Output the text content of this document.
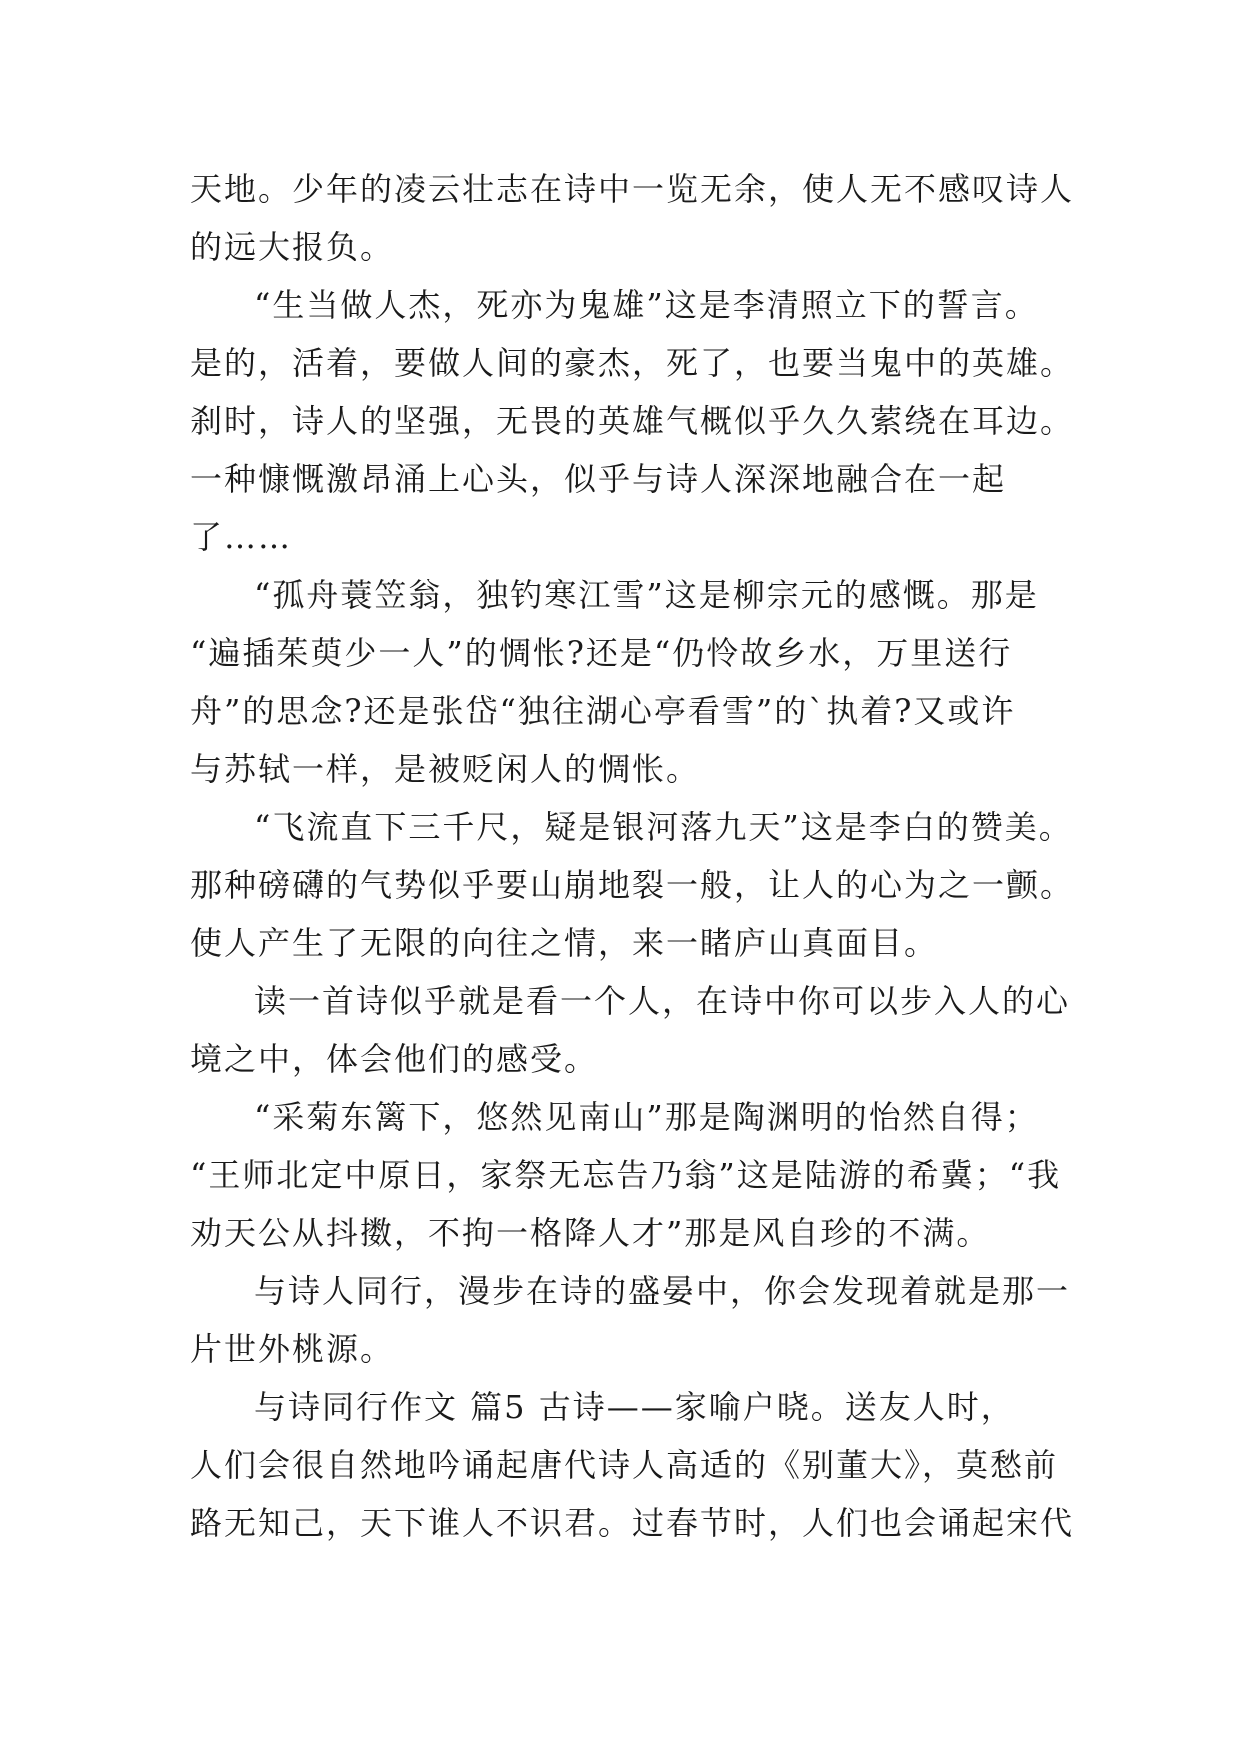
天地。少年的凌云壮志在诗中一览无余，使人无不感叹诗人
的远大报负。
“生当做人杰，死亦为鬼雄”这是李清照立下的誓言。
是的，活着，要做人间的豪杰，死了，也要当鬼中的英雄。
刹时，诗人的坚强，无畏的英雄气概似乎久久萦绕在耳边。
一种慷慨激昂涌上心头，似乎与诗人深深地融合在一起
了……
“孤舟蓑笠翁，独钓寒江雪”这是柳宗元的感慨。那是
“遍插茱萸少一人”的惆怅?还是“仍怜故乡水，万里送行
舟”的思念?还是张岱“独往湖心亭看雪”的`执着?又或许
与苏轼一样，是被贬闲人的惆怅。
“飞流直下三千尺，疑是银河落九天”这是李白的赞美。
那种磅礴的气势似乎要山崩地裂一般，让人的心为之一颤。
使人产生了无限的向往之情，来一睹庐山真面目。
读一首诗似乎就是看一个人，在诗中你可以步入人的心
境之中，体会他们的感受。
“采菊东篱下，悠然见南山”那是陶渊明的怡然自得；
“王师北定中原日，家祭无忘告乃翁”这是陆游的希冀；“我
劝天公从抖擞，不拘一格降人才”那是风自珍的不满。
与诗人同行，漫步在诗的盛晏中，你会发现着就是那一
片世外桃源。
与诗同行作文 篇5 古诗——家喻户晓。送友人时，
人们会很自然地吟诵起唐代诗人高适的《别董大》，莫愁前
路无知己，天下谁人不识君。过春节时，人们也会诵起宋代
